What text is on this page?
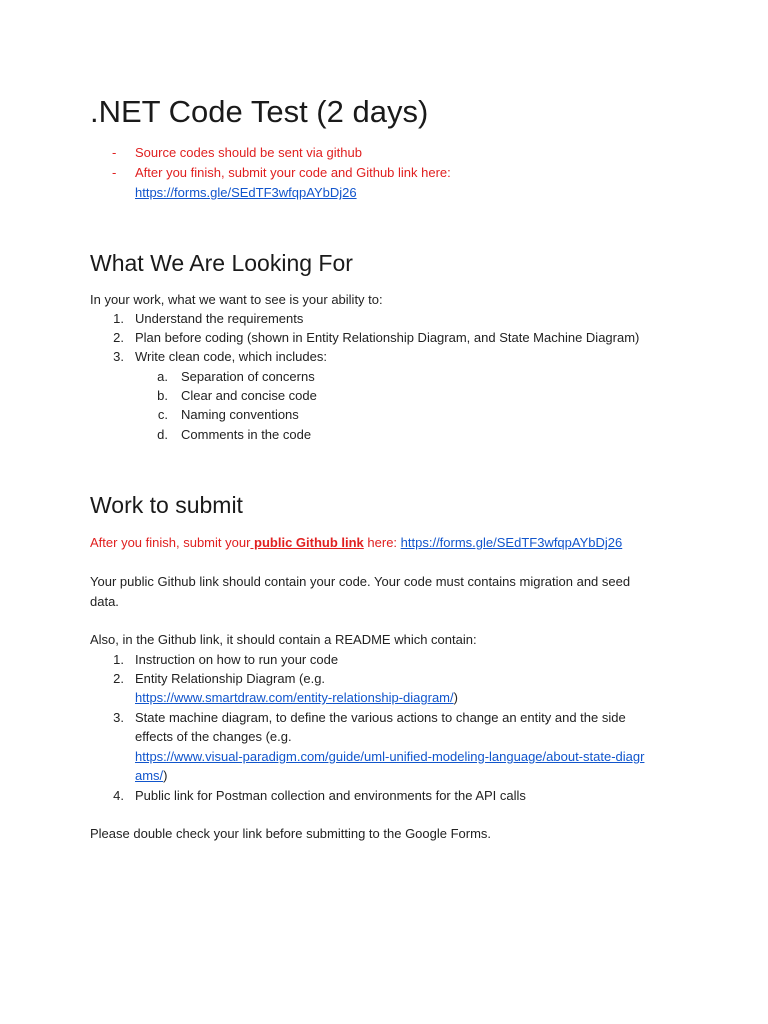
.NET Code Test (2 days)
- Source codes should be sent via github
- After you finish, submit your code and Github link here:
https://forms.gle/SEdTF3wfqpAYbDj26
What We Are Looking For
In your work, what we want to see is your ability to:
1. Understand the requirements
2. Plan before coding (shown in Entity Relationship Diagram, and State Machine Diagram)
3. Write clean code, which includes:
a. Separation of concerns
b. Clear and concise code
c. Naming conventions
d. Comments in the code
Work to submit
After you finish, submit your public Github link here: https://forms.gle/SEdTF3wfqpAYbDj26
Your public Github link should contain your code. Your code must contains migration and seed
data.
Also, in the Github link, it should contain a README which contain:
1. Instruction on how to run your code
2. Entity Relationship Diagram (e.g.
https://www.smartdraw.com/entity-relationship-diagram/)
3. State machine diagram, to define the various actions to change an entity and the side
effects of the changes (e.g.
https://www.visual-paradigm.com/guide/uml-unified-modeling-language/about-state-diagr
ams/)
4. Public link for Postman collection and environments for the API calls
Please double check your link before submitting to the Google Forms.
